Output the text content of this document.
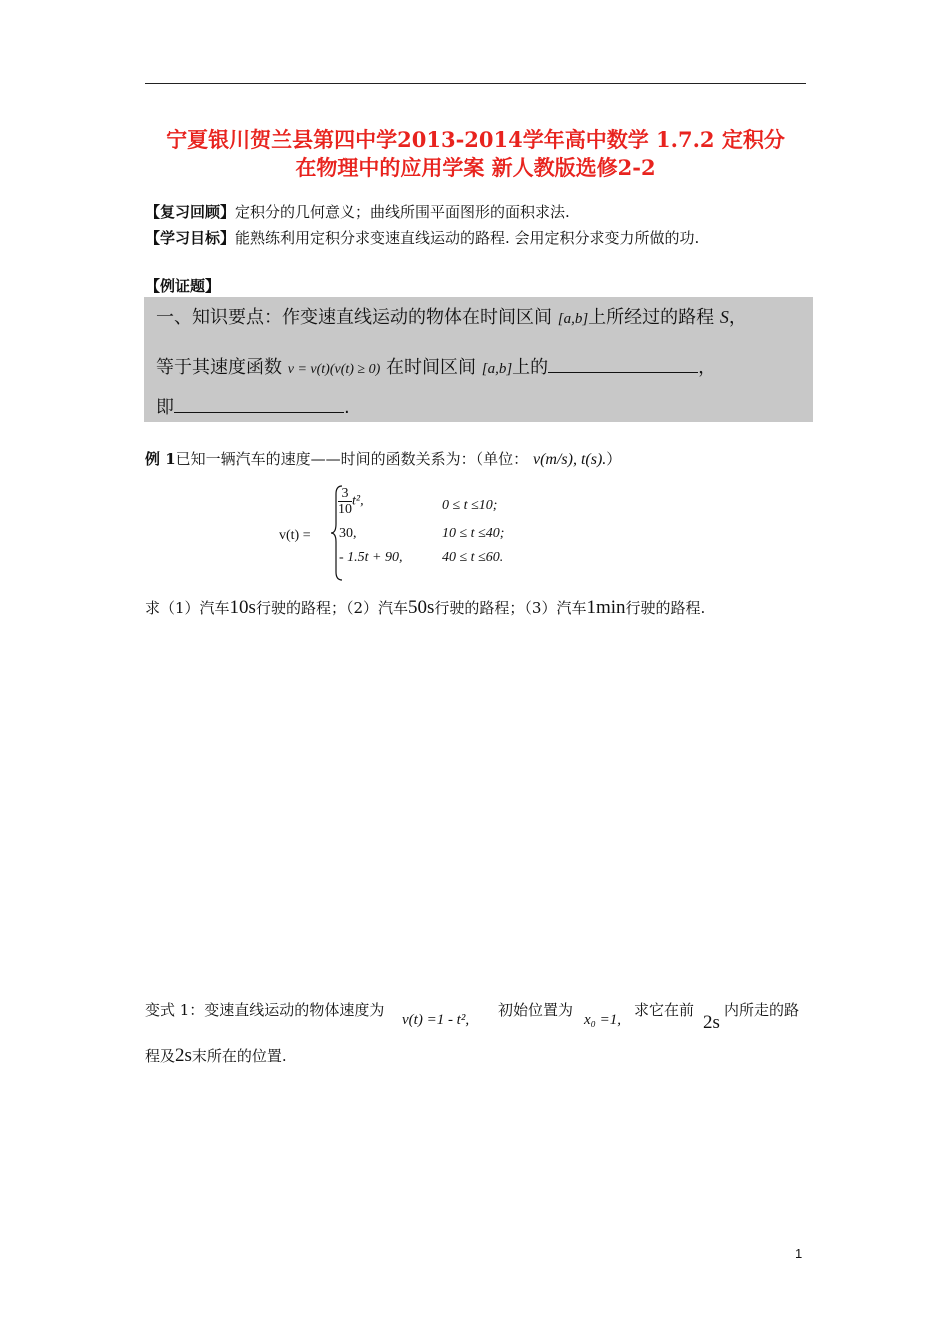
宁夏银川贺兰县第四中学2013-2014学年高中数学 1.7.2 定积分
在物理中的应用学案 新人教版选修2-2
【复习回顾】定积分的几何意义；曲线所围平面图形的面积求法.
【学习目标】能熟练利用定积分求变速直线运动的路程. 会用定积分求变力所做的功.
【例证题】
一、知识要点：作变速直线运动的物体在时间区间 [a,b]上所经过的路程 S，
等于其速度函数 v = v(t)(v(t) ≥ 0) 在时间区间 [a,b]上的	，
即	.
例 1已知一辆汽车的速度——时间的函数关系为：（单位： v(m/s), t(s).）
v(t) =
$\frac{3}{10} t^2$,	0 ≤ t ≤10;
30,	10 ≤ t ≤40;
- 1.5t + 90,	40 ≤ t ≤60.
求（1）汽车10s行驶的路程；（2）汽车50s行驶的路程；（3）汽车1min行驶的路程.
变式 1：变速直线运动的物体速度为
v(t) =1 - t²,
初始位置为
x₀ =1,
求它在前
2s
内所走的路
程及2s末所在的位置.
1
